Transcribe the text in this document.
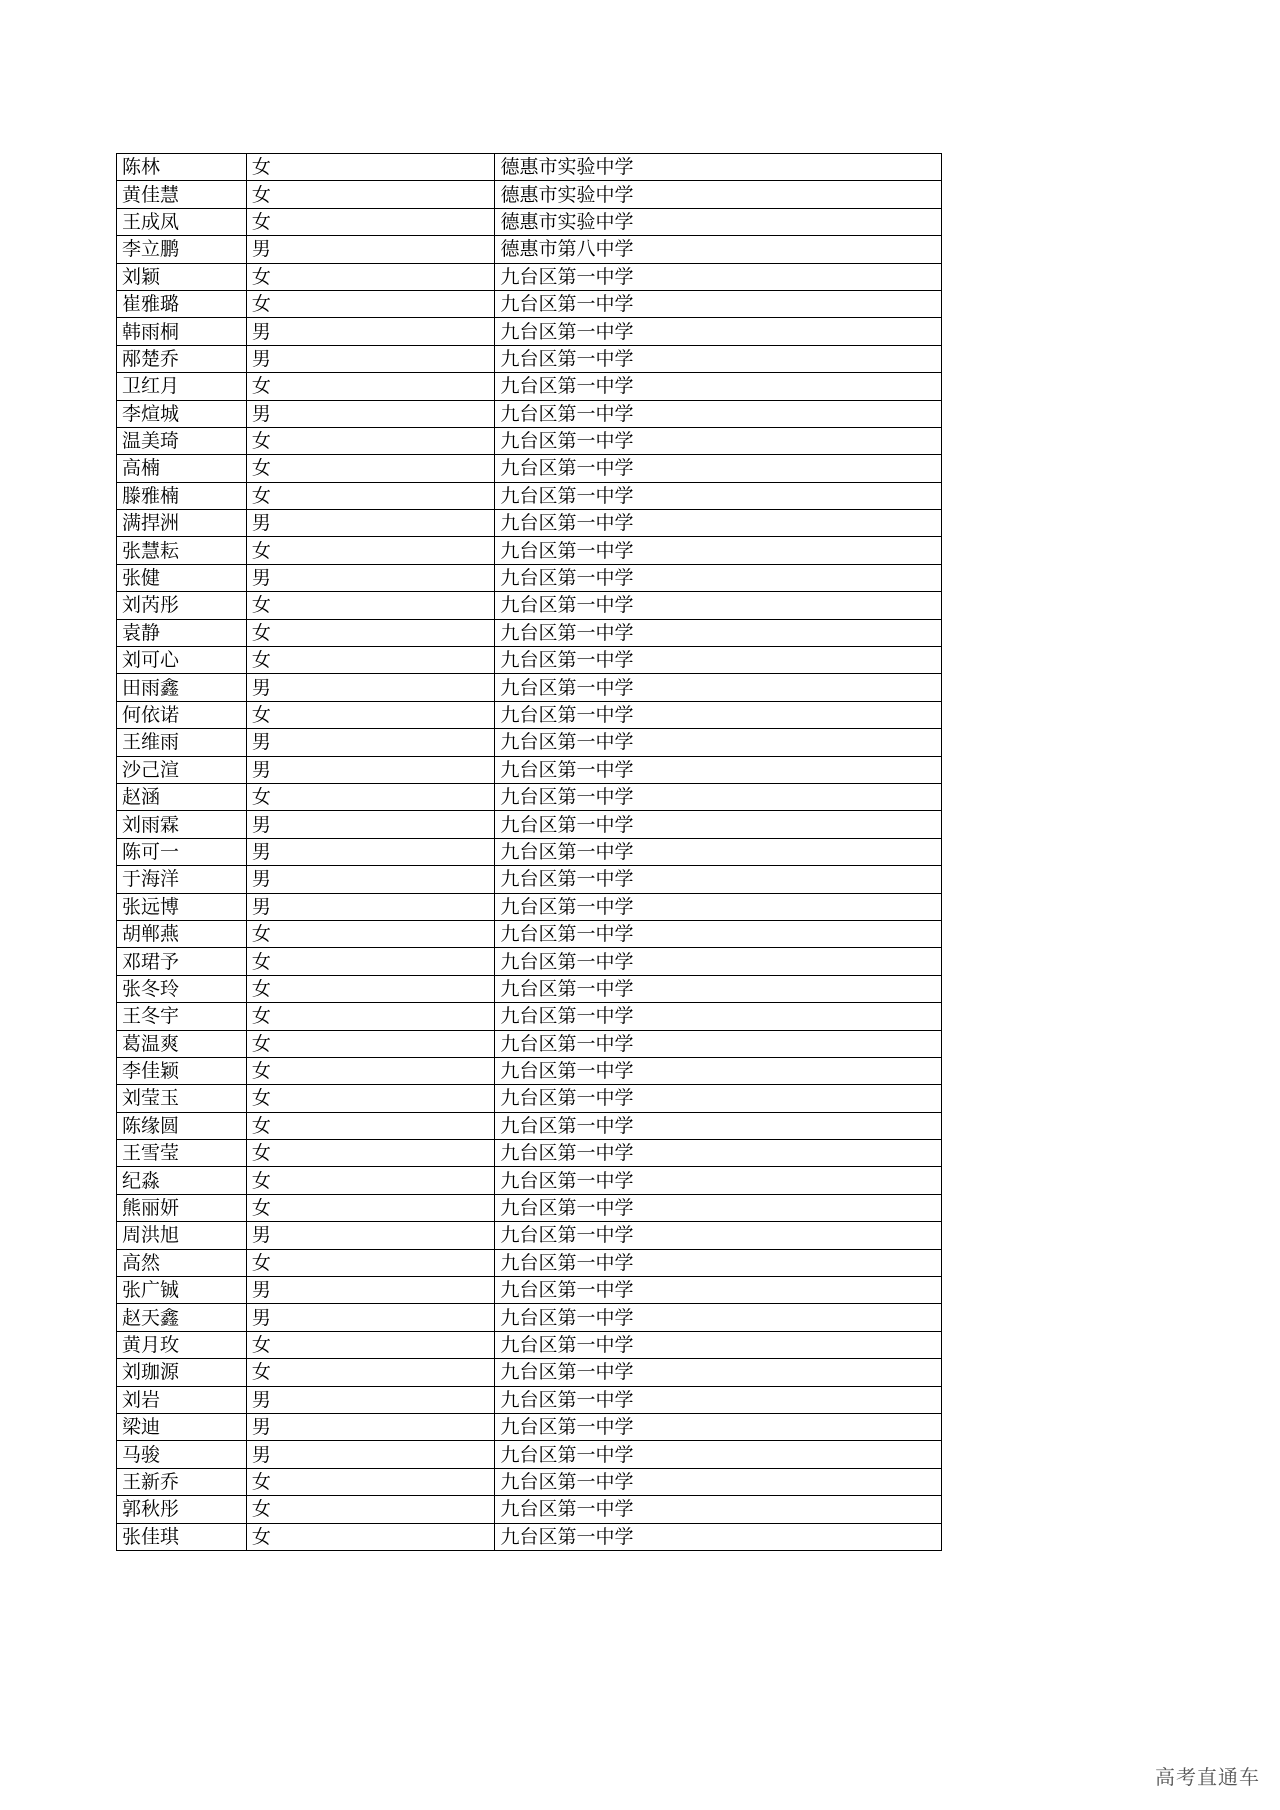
陈林	女	德惠市实验中学
黄佳慧	女	德惠市实验中学
王成凤	女	德惠市实验中学
李立鹏	男	德惠市第八中学
刘颖	女	九台区第一中学
崔雅璐	女	九台区第一中学
韩雨桐	男	九台区第一中学
邴楚乔	男	九台区第一中学
卫红月	女	九台区第一中学
李煊城	男	九台区第一中学
温美琦	女	九台区第一中学
高楠	女	九台区第一中学
滕雅楠	女	九台区第一中学
满捍洲	男	九台区第一中学
张慧耘	女	九台区第一中学
张健	男	九台区第一中学
刘芮彤	女	九台区第一中学
袁静	女	九台区第一中学
刘可心	女	九台区第一中学
田雨鑫	男	九台区第一中学
何依诺	女	九台区第一中学
王维雨	男	九台区第一中学
沙己渲	男	九台区第一中学
赵涵	女	九台区第一中学
刘雨霖	男	九台区第一中学
陈可一	男	九台区第一中学
于海洋	男	九台区第一中学
张远博	男	九台区第一中学
胡郸燕	女	九台区第一中学
邓珺予	女	九台区第一中学
张冬玲	女	九台区第一中学
王冬宇	女	九台区第一中学
葛温爽	女	九台区第一中学
李佳颖	女	九台区第一中学
刘莹玉	女	九台区第一中学
陈缘圆	女	九台区第一中学
王雪莹	女	九台区第一中学
纪淼	女	九台区第一中学
熊丽妍	女	九台区第一中学
周洪旭	男	九台区第一中学
高然	女	九台区第一中学
张广铖	男	九台区第一中学
赵天鑫	男	九台区第一中学
黄月玫	女	九台区第一中学
刘珈源	女	九台区第一中学
刘岩	男	九台区第一中学
梁迪	男	九台区第一中学
马骏	男	九台区第一中学
王新乔	女	九台区第一中学
郭秋彤	女	九台区第一中学
张佳琪	女	九台区第一中学
高考直通车
